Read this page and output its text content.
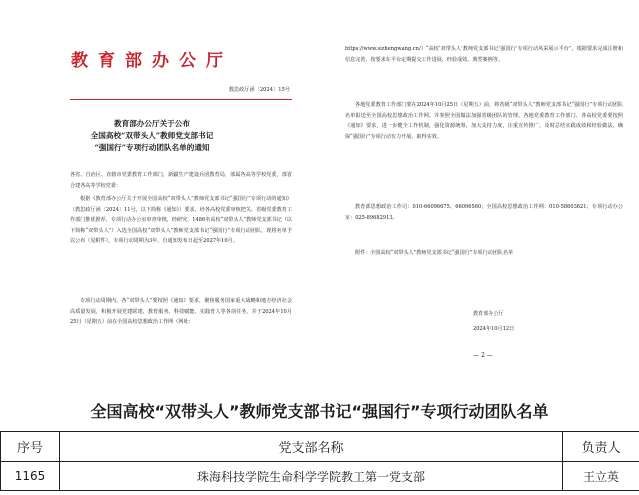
教育部办公厅
教思政厅函〔2024〕15号
教育部办公厅关于公布
全国高校“双带头人”教师党支部书记
“强国行”专项行动团队名单的通知

各省、自治区、直辖市党委教育工作部门，新疆生产建设兵团教育局，部属各高等学校党委，部省合建各高等学校党委：

根据《教育部办公厅关于开展全国高校“双带头人”教师党支部书记“强国行”专项行动的通知》（教思政厅函〔2024〕11号，以下简称《通知》）要求，经各高校党委审核把关、省级党委教育工作部门推优推荐、专项行动办公室审查审核，经研究，1486名高校“双带头人”教师党支部书记（以下简称“双带头人”）入选全国高校“双带头人”教师党支部书记“强国行”专项行动团队，现将名单予以公布（见附件）。专项行动周期为3年，自通知发布日起至2027年10月。

专项行动周期内，各“双带头人”要按照《通知》要求，聚焦服务国家重大战略和地方经济社会高质量发展，积极开展党建联建、教育服务、科技赋能、实践育人等各项任务，并于2024年10月25日（星期五）前在全国高校思想政治工作网（网址：

https://www.sizhengwang.cn/）“高校‘双带头人’教师党支部书记‘强国行’专项行动风采展示平台”，根据要求完成注册和信息完善，按要求在平台定期提交工作进展、经验成效、典型案例等。

各地党委教育工作部门要在2024年10月25日（星期五）前，将省级“双带头人”教师党支部书记“强国行”专项行动团队名单报送至全国高校思想政治工作网。并参照全国做法加强省级团队的管理。各地党委教育工作部门、各高校党委要按照《通知》要求，进一步健全工作机制，强化资源统筹，加大支持力度，注重宣传推广，及时总结实践成效和经验做法，确保“强国行”专项行动有力开展、取得实效。

教育部思想政治工作司：010-66096675、66096560；全国高校思想政治工作网：010-58603621；专项行动办公室：025-89682913。

附件：全国高校“双带头人”教师党支部书记“强国行”专项行动团队名单

教育部办公厅
2024年10月12日
— 2 —
全国高校“双带头人”教师党支部书记“强国行”专项行动团队名单
序号	党支部名称	负责人
1165	珠海科技学院生命科学学院教工第一党支部	王立英
